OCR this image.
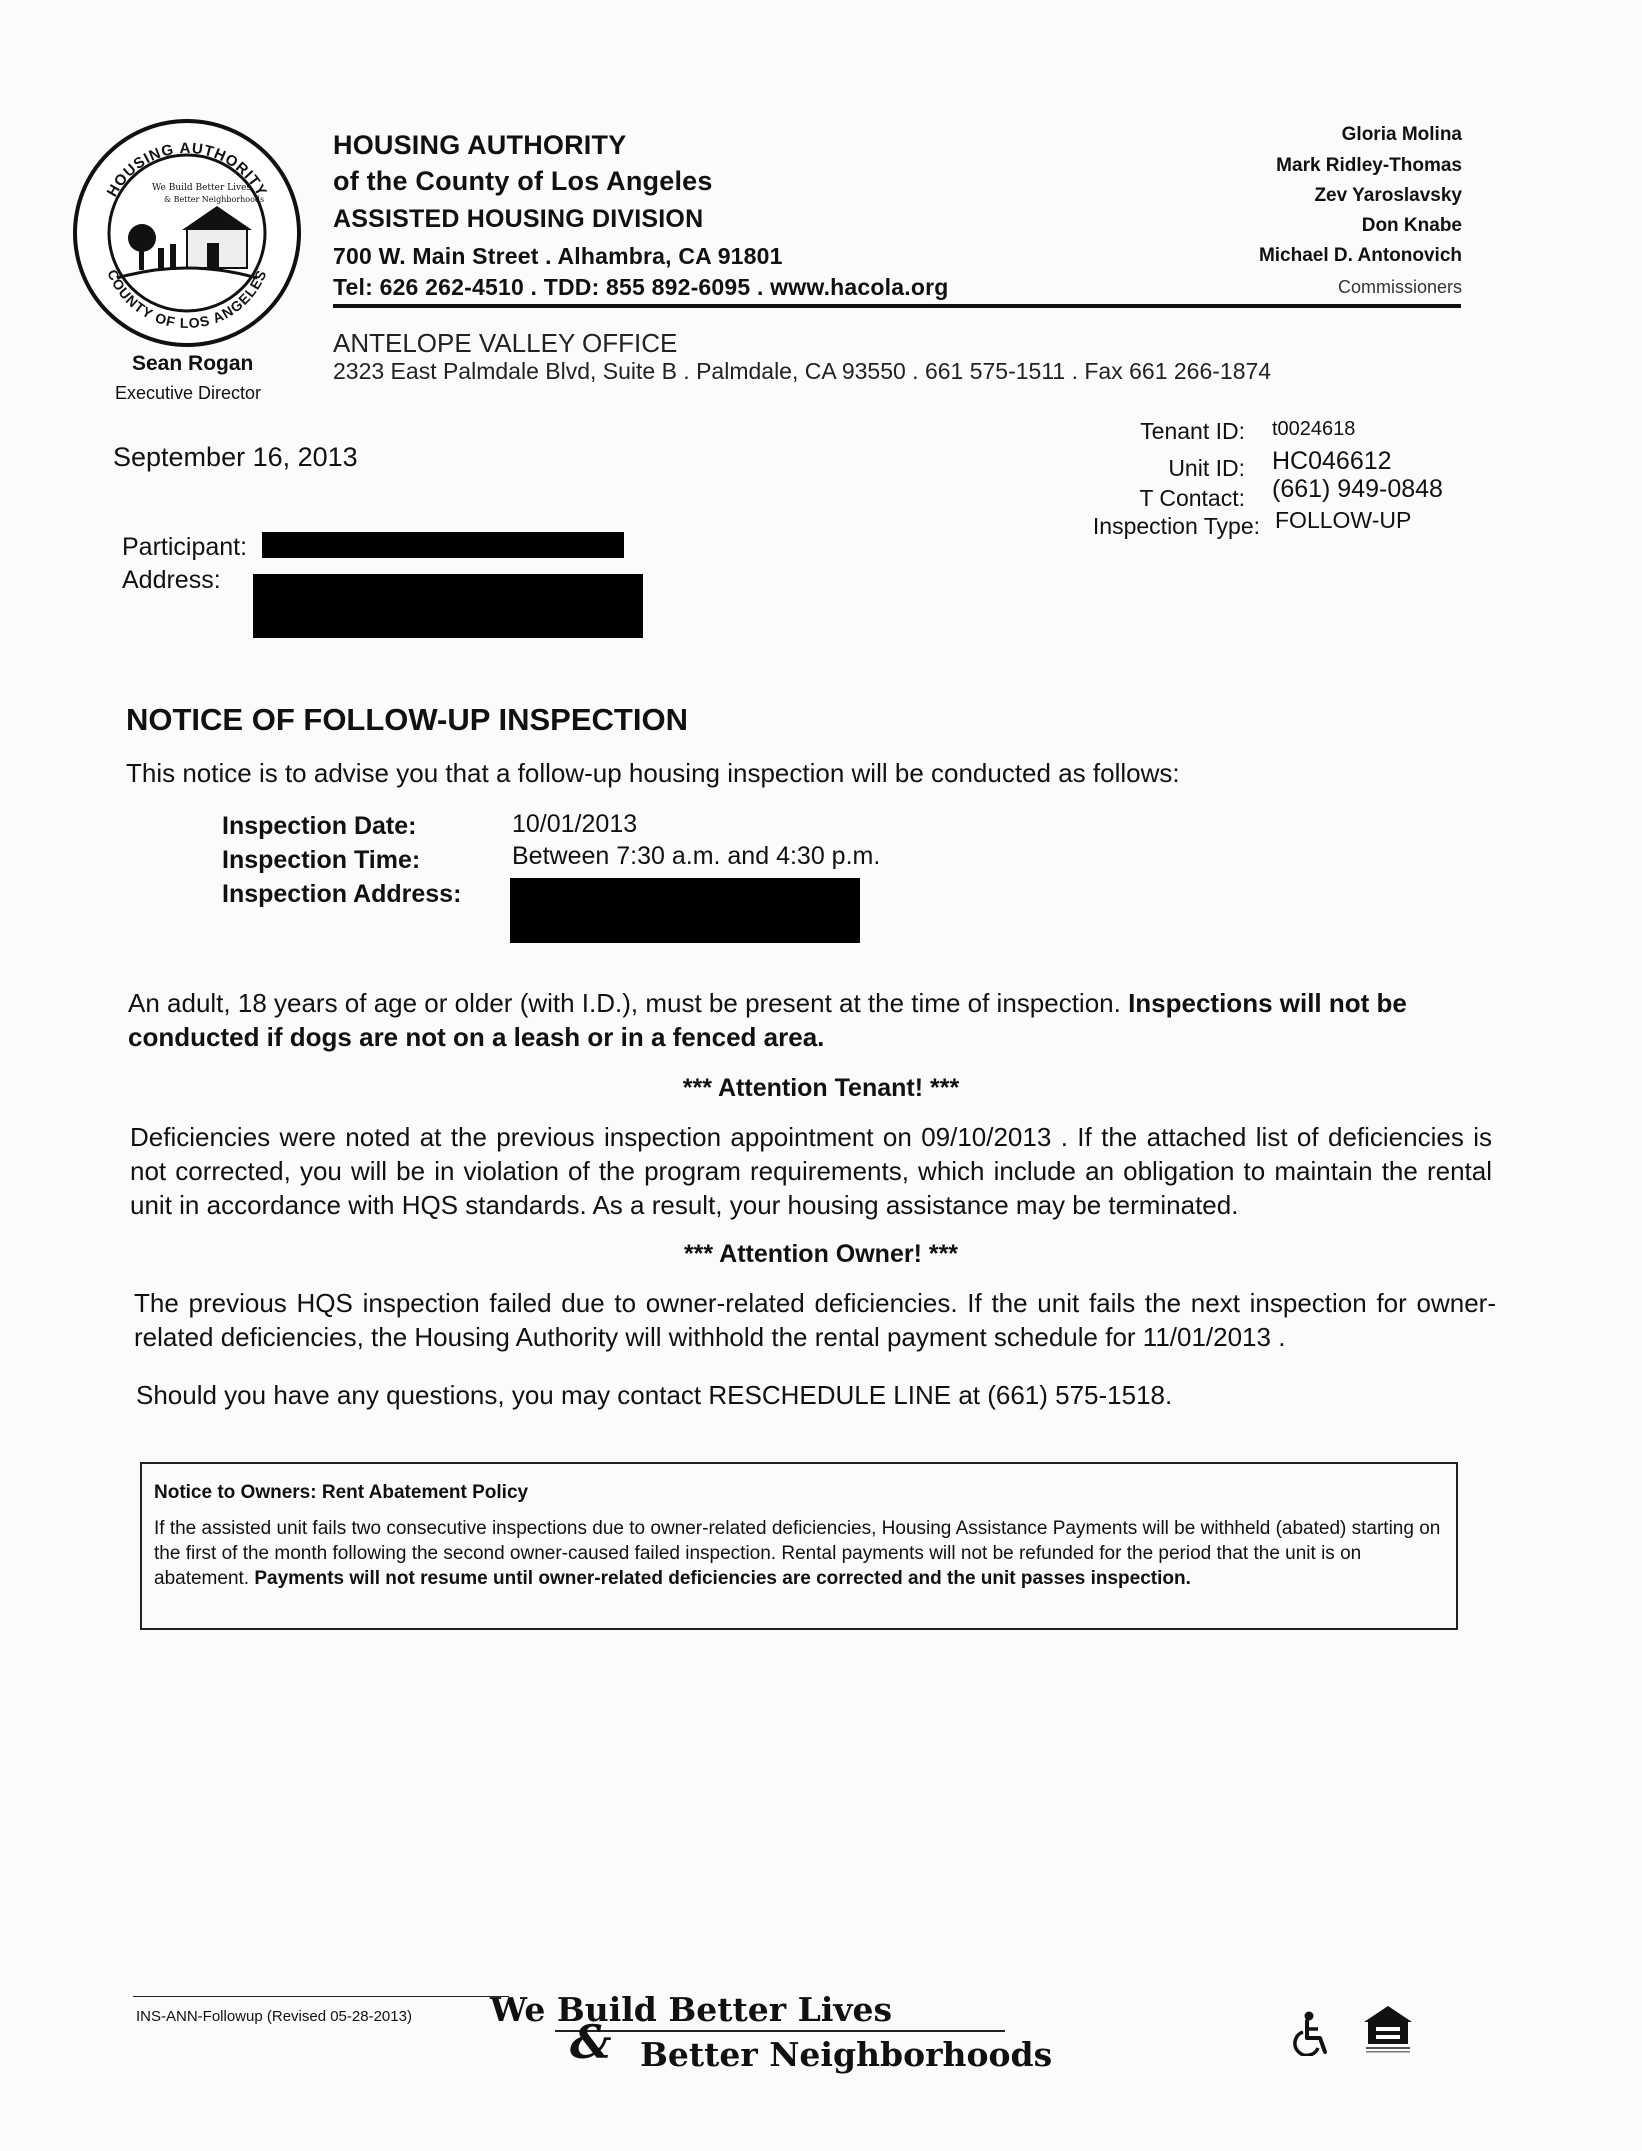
HOUSING AUTHORITY
COUNTY OF LOS ANGELES
We Build Better Lives
& Better Neighborhoods
Sean Rogan
Executive Director
HOUSING AUTHORITY
of the County of Los Angeles
ASSISTED HOUSING DIVISION
700 W. Main Street . Alhambra, CA 91801
Tel: 626 262-4510 . TDD: 855 892-6095 . www.hacola.org
Gloria Molina
Mark Ridley-Thomas
Zev Yaroslavsky
Don Knabe
Michael D. Antonovich
Commissioners
ANTELOPE VALLEY OFFICE
2323 East Palmdale Blvd, Suite B . Palmdale, CA 93550 . 661 575-1511 . Fax 661 266-1874
September 16, 2013
Tenant ID: t0024618
Unit ID: HC046612
T Contact: (661) 949-0848
Inspection Type: FOLLOW-UP
Participant:
Address:
NOTICE OF FOLLOW-UP INSPECTION
This notice is to advise you that a follow-up housing inspection will be conducted as follows:
Inspection Date:	10/01/2013
Inspection Time:	Between 7:30 a.m. and 4:30 p.m.
Inspection Address:
An adult, 18 years of age or older (with I.D.), must be present at the time of inspection. Inspections will not be conducted if dogs are not on a leash or in a fenced area.
*** Attention Tenant! ***
Deficiencies were noted at the previous inspection appointment on 09/10/2013 . If the attached list of deficiencies is not corrected, you will be in violation of the program requirements, which include an obligation to maintain the rental unit in accordance with HQS standards. As a result, your housing assistance may be terminated.
*** Attention Owner! ***
The previous HQS inspection failed due to owner-related deficiencies. If the unit fails the next inspection for owner-related deficiencies, the Housing Authority will withhold the rental payment schedule for 11/01/2013 .
Should you have any questions, you may contact RESCHEDULE LINE at (661) 575-1518.
Notice to Owners: Rent Abatement Policy
If the assisted unit fails two consecutive inspections due to owner-related deficiencies, Housing Assistance Payments will be withheld (abated) starting on the first of the month following the second owner-caused failed inspection. Rental payments will not be refunded for the period that the unit is on abatement. Payments will not resume until owner-related deficiencies are corrected and the unit passes inspection.
INS-ANN-Followup (Revised 05-28-2013) We Build Better Lives
& Better Neighborhoods
